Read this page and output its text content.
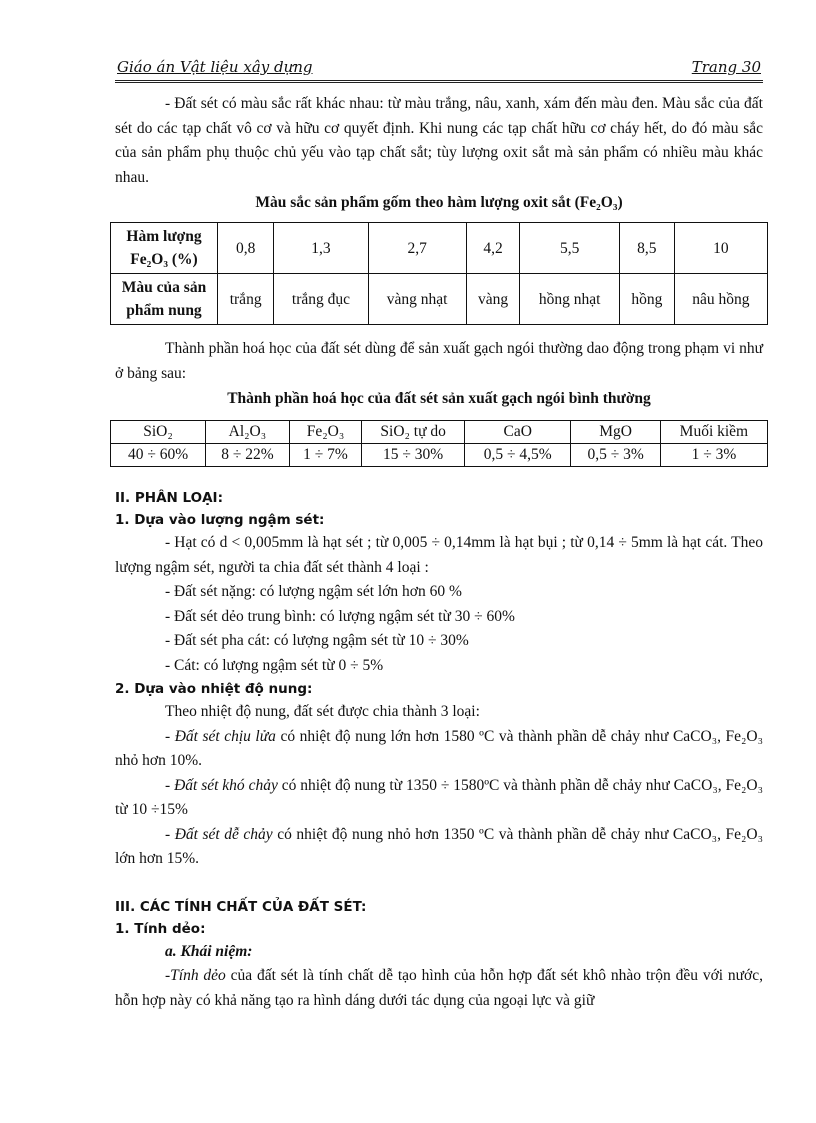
Giáo án Vật liệu xây dựng	Trang 30

- Đất sét có màu sắc rất khác nhau: từ màu trắng, nâu, xanh, xám đến màu đen. Màu sắc của đất sét do các tạp chất vô cơ và hữu cơ quyết định. Khi nung các tạp chất hữu cơ cháy hết, do đó màu sắc của sản phẩm phụ thuộc chủ yếu vào tạp chất sắt; tùy lượng oxit sắt mà sản phẩm có nhiều màu khác nhau.

Màu sắc sản phẩm gốm theo hàm lượng oxit sắt (Fe₂O₃)

Hàm lượng Fe₂O₃ (%)	0,8	1,3	2,7	4,2	5,5	8,5	10
Màu của sản phẩm nung	trắng	trắng đục	vàng nhạt	vàng	hồng nhạt	hồng	nâu hồng

Thành phần hoá học của đất sét dùng để sản xuất gạch ngói thường dao động trong phạm vi như ở bảng sau:

Thành phần hoá học của đất sét sản xuất gạch ngói bình thường

SiO₂	Al₂O₃	Fe₂O₃	SiO₂ tự do	CaO	MgO	Muối kiềm
40 ÷ 60%	8 ÷ 22%	1 ÷ 7%	15 ÷ 30%	0,5 ÷ 4,5%	0,5 ÷ 3%	1 ÷ 3%
II. PHÂN LOẠI:
1. Dựa vào lượng ngậm sét:

- Hạt có d < 0,005mm là hạt sét ; từ 0,005 ÷ 0,14mm là hạt bụi ; từ 0,14 ÷ 5mm là hạt cát. Theo lượng ngậm sét, người ta chia đất sét thành 4 loại :

- Đất sét nặng: có lượng ngậm sét lớn hơn 60 %

- Đất sét dẻo trung bình: có lượng ngậm sét từ 30 ÷ 60%

- Đất sét pha cát: có lượng ngậm sét từ 10 ÷ 30%

- Cát: có lượng ngậm sét từ 0 ÷ 5%

2. Dựa vào nhiệt độ nung:

Theo nhiệt độ nung, đất sét được chia thành 3 loại:

- Đất sét chịu lửa có nhiệt độ nung lớn hơn 1580 ºC và thành phần dễ chảy như CaCO₃, Fe₂O₃ nhỏ hơn 10%.

- Đất sét khó chảy có nhiệt độ nung từ 1350 ÷ 1580ºC và thành phần dễ chảy như CaCO₃, Fe₂O₃ từ 10 ÷15%

- Đất sét dễ chảy có nhiệt độ nung nhỏ hơn 1350 ºC và thành phần dễ chảy như CaCO₃, Fe₂O₃ lớn hơn 15%.

III. CÁC TÍNH CHẤT CỦA ĐẤT SÉT:
1. Tính dẻo:

a. Khái niệm:

-Tính dẻo của đất sét là tính chất dễ tạo hình của hỗn hợp đất sét khô nhào trộn đều với nước, hỗn hợp này có khả năng tạo ra hình dáng dưới tác dụng của ngoại lực và giữ
